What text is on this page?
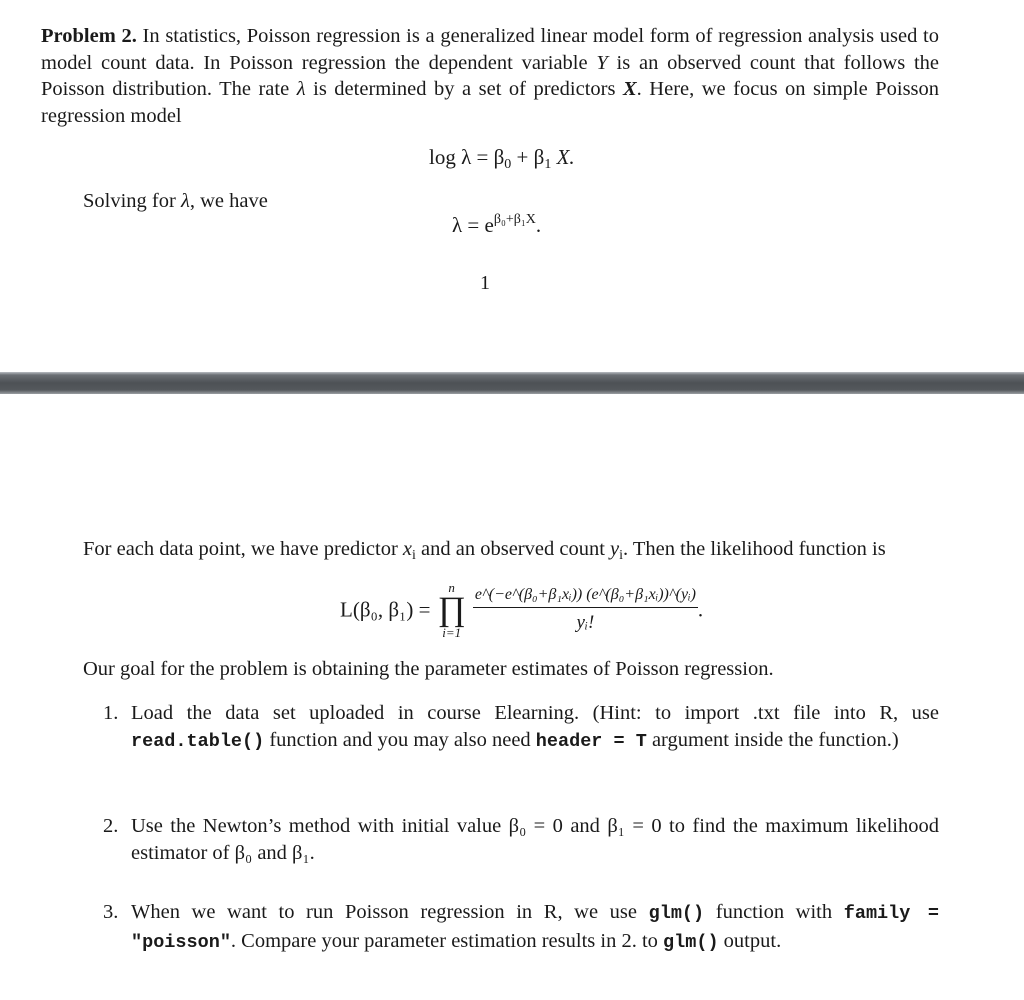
Problem 2. In statistics, Poisson regression is a generalized linear model form of regression analysis used to model count data. In Poisson regression the dependent variable Y is an observed count that follows the Poisson distribution. The rate λ is determined by a set of predictors X. Here, we focus on simple Poisson regression model
$\log \lambda = \beta_0 + \beta_1$ X.
Solving for λ, we have
$\lambda = e^{\beta_0+\beta_1X}$.
1
For each data point, we have predictor $x_i$ and an observed count $y_i$. Then the likelihood function is
L(β₀, β₁) =
n
∏
i=1
$\frac{\text{e\textasciicircum{}(−e\textasciicircum{}(β₀+β₁xᵢ)) (e\textasciicircum{}(β₀+β₁xᵢ))\textasciicircum{}(yᵢ)}}{\text{yᵢ!}}$ .
Our goal for the problem is obtaining the parameter estimates of Poisson regression.
1. Load the data set uploaded in course Elearning. (Hint: to import .txt file into R, use read.table() function and you may also need header = T argument inside the function.)
2. Use the Newton’s method with initial value β₀ = 0 and β₁ = 0 to find the maximum likelihood estimator of β₀ and β₁.
3. When we want to run Poisson regression in R, we use glm() function with family = "poisson". Compare your parameter estimation results in 2. to glm() output.
